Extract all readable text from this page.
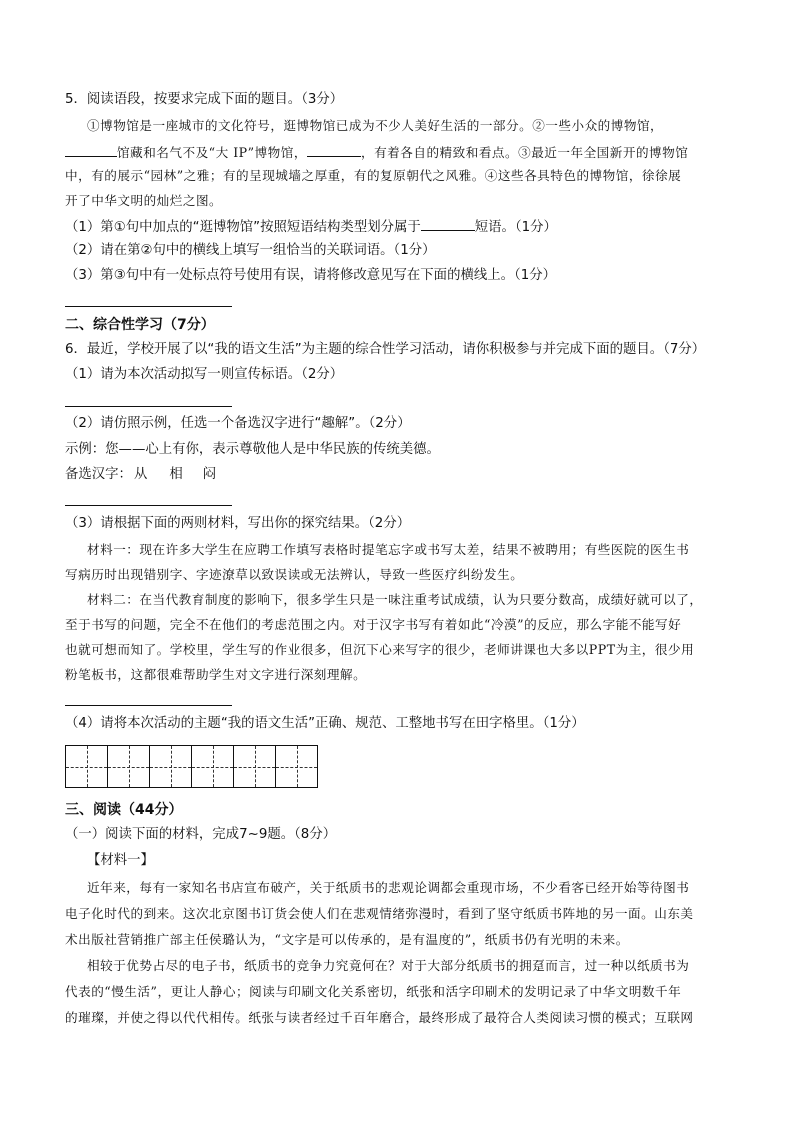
5．阅读语段，按要求完成下面的题目。（3分）
①博物馆是一座城市的文化符号，逛博物馆已成为不少人美好生活的一部分。②一些小众的博物馆，
馆藏和名气不及“大 IP”博物馆，	，有着各自的精致和看点。③最近一年全国新开的博物馆
中，有的展示“园林”之雅；有的呈现城墙之厚重，有的复原朝代之风雅。④这些各具特色的博物馆，徐徐展
开了中华文明的灿烂之图。
（1）第①句中加点的“逛博物馆”按照短语结构类型划分属于	短语。（1分）
（2）请在第②句中的横线上填写一组恰当的关联词语。（1分）
（3）第③句中有一处标点符号使用有误，请将修改意见写在下面的横线上。（1分）
二、综合性学习（7分）
6．最近，学校开展了以“我的语文生活”为主题的综合性学习活动，请你积极参与并完成下面的题目。（7分）
（1）请为本次活动拟写一则宣传标语。（2分）
（2）请仿照示例，任选一个备选汉字进行“趣解”。（2分）
示例：您——心上有你，表示尊敬他人是中华民族的传统美德。
备选汉字： 从 相 闷
（3）请根据下面的两则材料，写出你的探究结果。（2分）
材料一：现在许多大学生在应聘工作填写表格时提笔忘字或书写太差，结果不被聘用；有些医院的医生书
写病历时出现错别字、字迹潦草以致误读或无法辨认，导致一些医疗纠纷发生。
材料二：在当代教育制度的影响下，很多学生只是一味注重考试成绩，认为只要分数高，成绩好就可以了，
至于书写的问题，完全不在他们的考虑范围之内。对于汉字书写有着如此“冷漠”的反应，那么字能不能写好
也就可想而知了。学校里，学生写的作业很多，但沉下心来写字的很少，老师讲课也大多以PPT为主，很少用
粉笔板书，这都很难帮助学生对文字进行深刻理解。
（4）请将本次活动的主题“我的语文生活”正确、规范、工整地书写在田字格里。（1分）
三、阅读（44分）
（一）阅读下面的材料，完成7~9题。（8分）
【材料一】
近年来，每有一家知名书店宣布破产，关于纸质书的悲观论调都会重现市场，不少看客已经开始等待图书
电子化时代的到来。这次北京图书订货会使人们在悲观情绪弥漫时，看到了坚守纸质书阵地的另一面。山东美
术出版社营销推广部主任侯璐认为，“文字是可以传承的，是有温度的”，纸质书仍有光明的未来。
相较于优势占尽的电子书，纸质书的竞争力究竟何在？对于大部分纸质书的拥趸而言，过一种以纸质书为
代表的“慢生活”，更让人静心；阅读与印刷文化关系密切，纸张和活字印刷术的发明记录了中华文明数千年
的璀璨，并使之得以代代相传。纸张与读者经过千百年磨合，最终形成了最符合人类阅读习惯的模式；互联网
